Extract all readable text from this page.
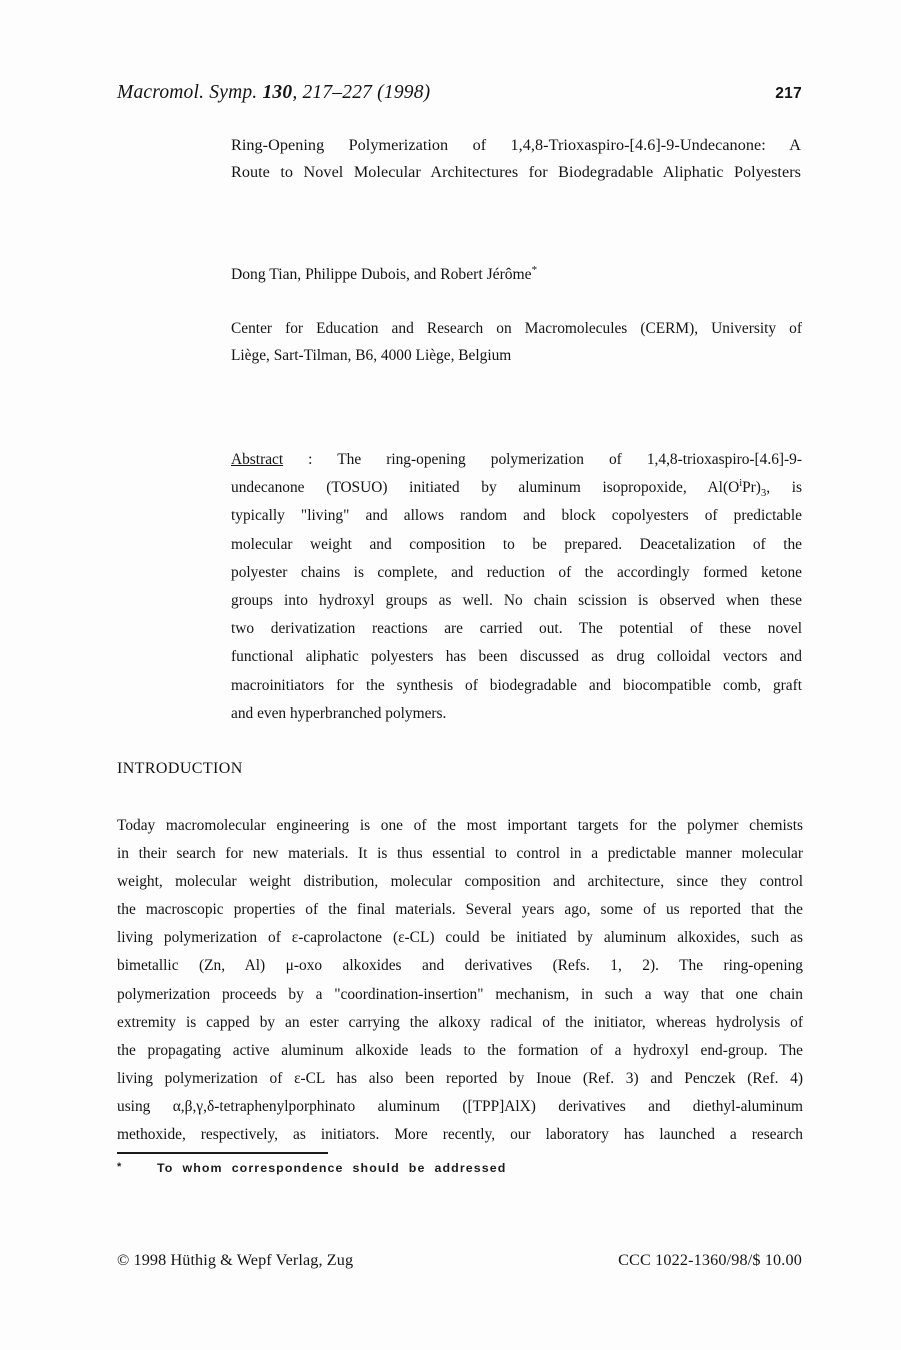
Macromol. Symp. 130, 217–227 (1998)	217
Ring-Opening Polymerization of 1,4,8-Trioxaspiro-[4.6]-9-Undecanone: A
Route to Novel Molecular Architectures for Biodegradable Aliphatic Polyesters
Dong Tian, Philippe Dubois, and Robert Jérôme*
Center for Education and Research on Macromolecules (CERM), University of
Liège, Sart-Tilman, B6, 4000 Liège, Belgium
Abstract : The ring-opening polymerization of 1,4,8-trioxaspiro-[4.6]-9-
undecanone (TOSUO) initiated by aluminum isopropoxide, $Al(O^iPr)_3$, is
typically "living" and allows random and block copolyesters of predictable
molecular weight and composition to be prepared. Deacetalization of the
polyester chains is complete, and reduction of the accordingly formed ketone
groups into hydroxyl groups as well. No chain scission is observed when these
two derivatization reactions are carried out. The potential of these novel
functional aliphatic polyesters has been discussed as drug colloidal vectors and
macroinitiators for the synthesis of biodegradable and biocompatible comb, graft
and even hyperbranched polymers.
INTRODUCTION
Today macromolecular engineering is one of the most important targets for the polymer chemists
in their search for new materials. It is thus essential to control in a predictable manner molecular
weight, molecular weight distribution, molecular composition and architecture, since they control
the macroscopic properties of the final materials. Several years ago, some of us reported that the
living polymerization of ε-caprolactone (ε-CL) could be initiated by aluminum alkoxides, such as
bimetallic (Zn, Al) μ-oxo alkoxides and derivatives (Refs. 1, 2). The ring-opening
polymerization proceeds by a "coordination-insertion" mechanism, in such a way that one chain
extremity is capped by an ester carrying the alkoxy radical of the initiator, whereas hydrolysis of
the propagating active aluminum alkoxide leads to the formation of a hydroxyl end-group. The
living polymerization of ε-CL has also been reported by Inoue (Ref. 3) and Penczek (Ref. 4)
using α,β,γ,δ-tetraphenylporphinato aluminum ([TPP]AlX) derivatives and diethyl-aluminum
methoxide, respectively, as initiators. More recently, our laboratory has launched a research
*	To whom correspondence should be addressed
© 1998 Hüthig & Wepf Verlag, Zug	CCC 1022-1360/98/$ 10.00
